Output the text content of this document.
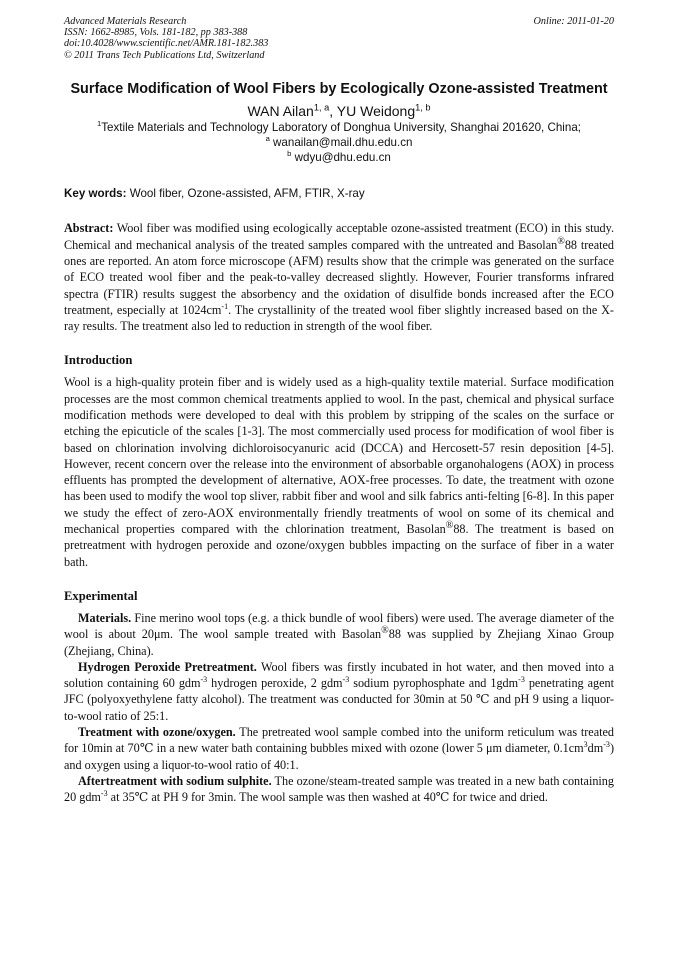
Advanced Materials Research
ISSN: 1662-8985, Vols. 181-182, pp 383-388
doi:10.4028/www.scientific.net/AMR.181-182.383
© 2011 Trans Tech Publications Ltd, Switzerland
Online: 2011-01-20
Surface Modification of Wool Fibers by Ecologically Ozone-assisted Treatment
WAN Ailan$^{1, a}$, YU Weidong$^{1, b}$
$^1$Textile Materials and Technology Laboratory of Donghua University, Shanghai 201620, China;
$^a$ wanailan@mail.dhu.edu.cn
$^b$ wdyu@dhu.edu.cn
Key words: Wool fiber, Ozone-assisted, AFM, FTIR, X-ray

Abstract: Wool fiber was modified using ecologically acceptable ozone-assisted treatment (ECO) in this study. Chemical and mechanical analysis of the treated samples compared with the untreated and Basolan®88 treated ones are reported. An atom force microscope (AFM) results show that the crimple was generated on the surface of ECO treated wool fiber and the peak-to-valley decreased slightly. However, Fourier transforms infrared spectra (FTIR) results suggest the absorbency and the oxidation of disulfide bonds increased after the ECO treatment, especially at $1024cm^{-1}$. The crystallinity of the treated wool fiber slightly increased based on the X-ray results. The treatment also led to reduction in strength of the wool fiber.

Introduction

Wool is a high-quality protein fiber and is widely used as a high-quality textile material. Surface modification processes are the most common chemical treatments applied to wool. In the past, chemical and physical surface modification methods were developed to deal with this problem by stripping of the scales on the surface or etching the epicuticle of the scales [1-3]. The most commercially used process for modification of wool fiber is based on chlorination involving dichloroisocyanuric acid (DCCA) and Hercosett-57 resin deposition [4-5]. However, recent concern over the release into the environment of absorbable organohalogens (AOX) in process effluents has prompted the development of alternative, AOX-free processes. To date, the treatment with ozone has been used to modify the wool top sliver, rabbit fiber and wool and silk fabrics anti-felting [6-8]. In this paper we study the effect of zero-AOX environmentally friendly treatments of wool on some of its chemical and mechanical properties compared with the chlorination treatment, Basolan®88. The treatment is based on pretreatment with hydrogen peroxide and ozone/oxygen bubbles impacting on the surface of fiber in a water bath.

Experimental

Materials. Fine merino wool tops (e.g. a thick bundle of wool fibers) were used. The average diameter of the wool is about 20μm. The wool sample treated with Basolan®88 was supplied by Zhejiang Xinao Group (Zhejiang, China).

Hydrogen Peroxide Pretreatment. Wool fibers was firstly incubated in hot water, and then moved into a solution containing 60 gdm$^{-3}$ hydrogen peroxide, 2 gdm$^{-3}$ sodium pyrophosphate and 1gdm$^{-3}$ penetrating agent JFC (polyoxyethylene fatty alcohol). The treatment was conducted for 30min at 50 ℃ and pH 9 using a liquor-to-wool ratio of 25:1.

Treatment with ozone/oxygen. The pretreated wool sample combed into the uniform reticulum was treated for 10min at 70℃ in a new water bath containing bubbles mixed with ozone (lower 5 μm diameter, $0.1cm^3dm^{-3}$) and oxygen using a liquor-to-wool ratio of 40:1.

Aftertreatment with sodium sulphite. The ozone/steam-treated sample was treated in a new bath containing 20 gdm$^{-3}$ at 35℃ at PH 9 for 3min. The wool sample was then washed at 40℃ for twice and dried.
